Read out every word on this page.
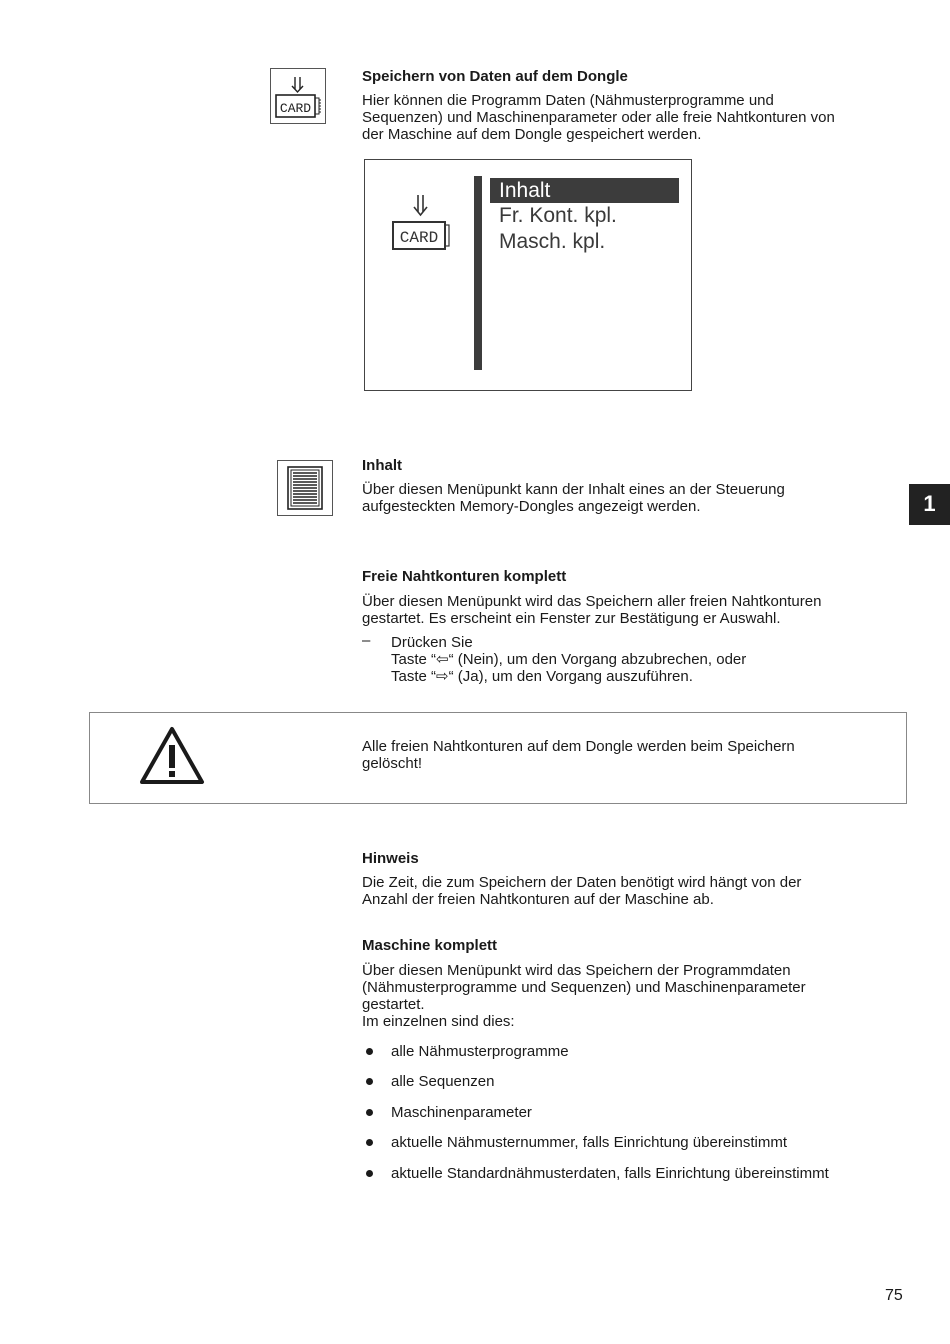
CARD
Speichern von Daten auf dem Dongle
Hier können die Programm Daten (Nähmusterprogramme und
Sequenzen) und Maschinenparameter oder alle freie Nahtkonturen von
der Maschine auf dem Dongle gespeichert werden.
CARD
Inhalt
Fr. Kont. kpl.
Masch. kpl.
Inhalt
Über diesen Menüpunkt kann der Inhalt eines an der Steuerung
aufgesteckten Memory-Dongles angezeigt werden.	1
Freie Nahtkonturen komplett
Über diesen Menüpunkt wird das Speichern aller freien Nahtkonturen
gestartet. Es erscheint ein Fenster zur Bestätigung er Auswahl.
– Drücken Sie
Taste “⇦“ (Nein), um den Vorgang abzubrechen, oder
Taste “⇨“ (Ja), um den Vorgang auszuführen.
Alle freien Nahtkonturen auf dem Dongle werden beim Speichern
gelöscht!
Hinweis
Die Zeit, die zum Speichern der Daten benötigt wird hängt von der
Anzahl der freien Nahtkonturen auf der Maschine ab.
Maschine komplett
Über diesen Menüpunkt wird das Speichern der Programmdaten
(Nähmusterprogramme und Sequenzen) und Maschinenparameter
gestartet.
Im einzelnen sind dies:
alle Nähmusterprogramme
alle Sequenzen
Maschinenparameter
aktuelle Nähmusternummer, falls Einrichtung übereinstimmt
aktuelle Standardnähmusterdaten, falls Einrichtung übereinstimmt
75
